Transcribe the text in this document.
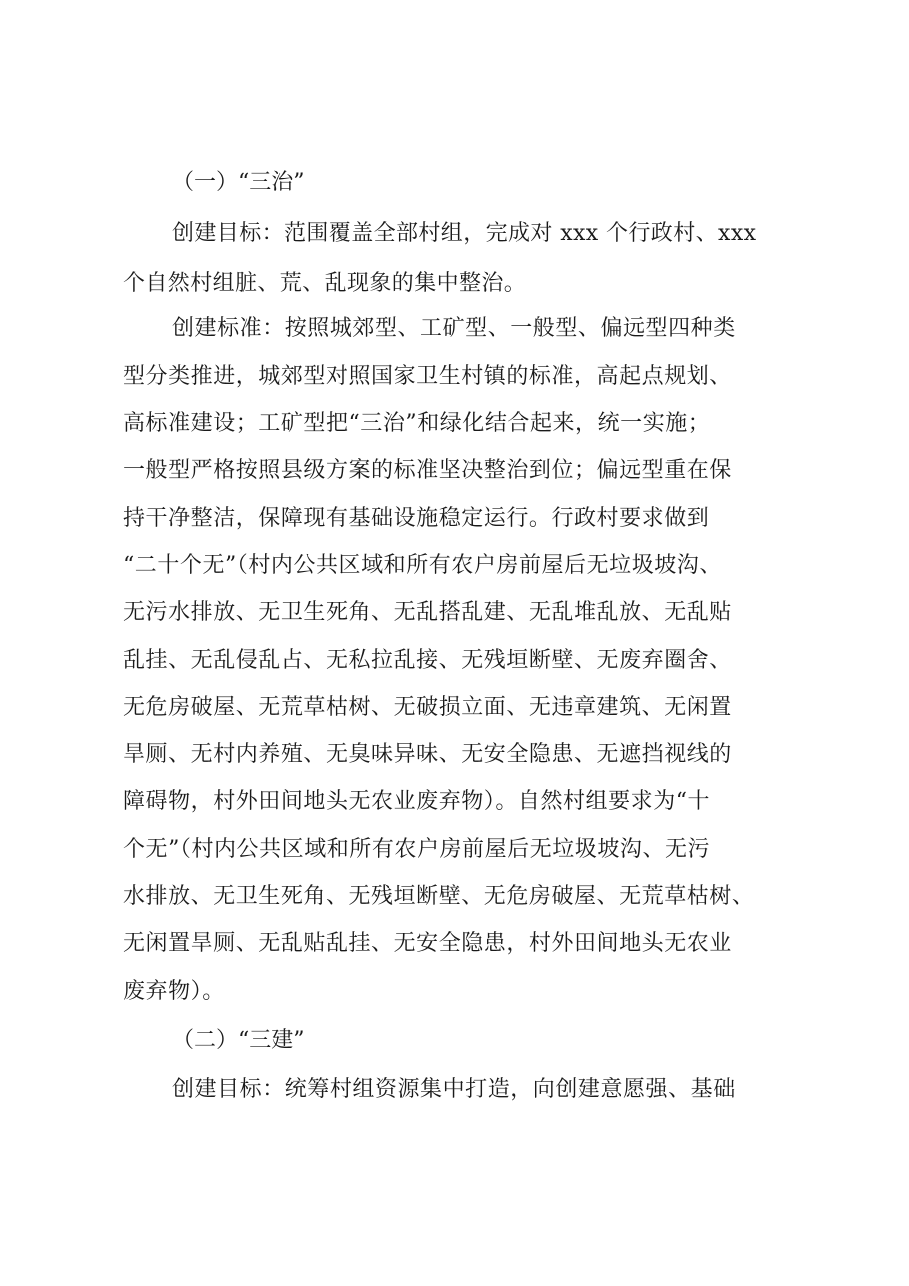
（一）“三治”
创建目标：范围覆盖全部村组，完成对 xxx 个行政村、xxx
个自然村组脏、荒、乱现象的集中整治。
创建标准：按照城郊型、工矿型、一般型、偏远型四种类
型分类推进，城郊型对照国家卫生村镇的标准，高起点规划、
高标准建设；工矿型把“三治”和绿化结合起来，统一实施；
一般型严格按照县级方案的标准坚决整治到位；偏远型重在保
持干净整洁，保障现有基础设施稳定运行。行政村要求做到
“二十个无”（村内公共区域和所有农户房前屋后无垃圾坡沟、
无污水排放、无卫生死角、无乱搭乱建、无乱堆乱放、无乱贴
乱挂、无乱侵乱占、无私拉乱接、无残垣断壁、无废弃圈舍、
无危房破屋、无荒草枯树、无破损立面、无违章建筑、无闲置
旱厕、无村内养殖、无臭味异味、无安全隐患、无遮挡视线的
障碍物，村外田间地头无农业废弃物）。自然村组要求为“十
个无”（村内公共区域和所有农户房前屋后无垃圾坡沟、无污
水排放、无卫生死角、无残垣断壁、无危房破屋、无荒草枯树、
无闲置旱厕、无乱贴乱挂、无安全隐患，村外田间地头无农业
废弃物）。
（二）“三建”
创建目标：统筹村组资源集中打造，向创建意愿强、基础
